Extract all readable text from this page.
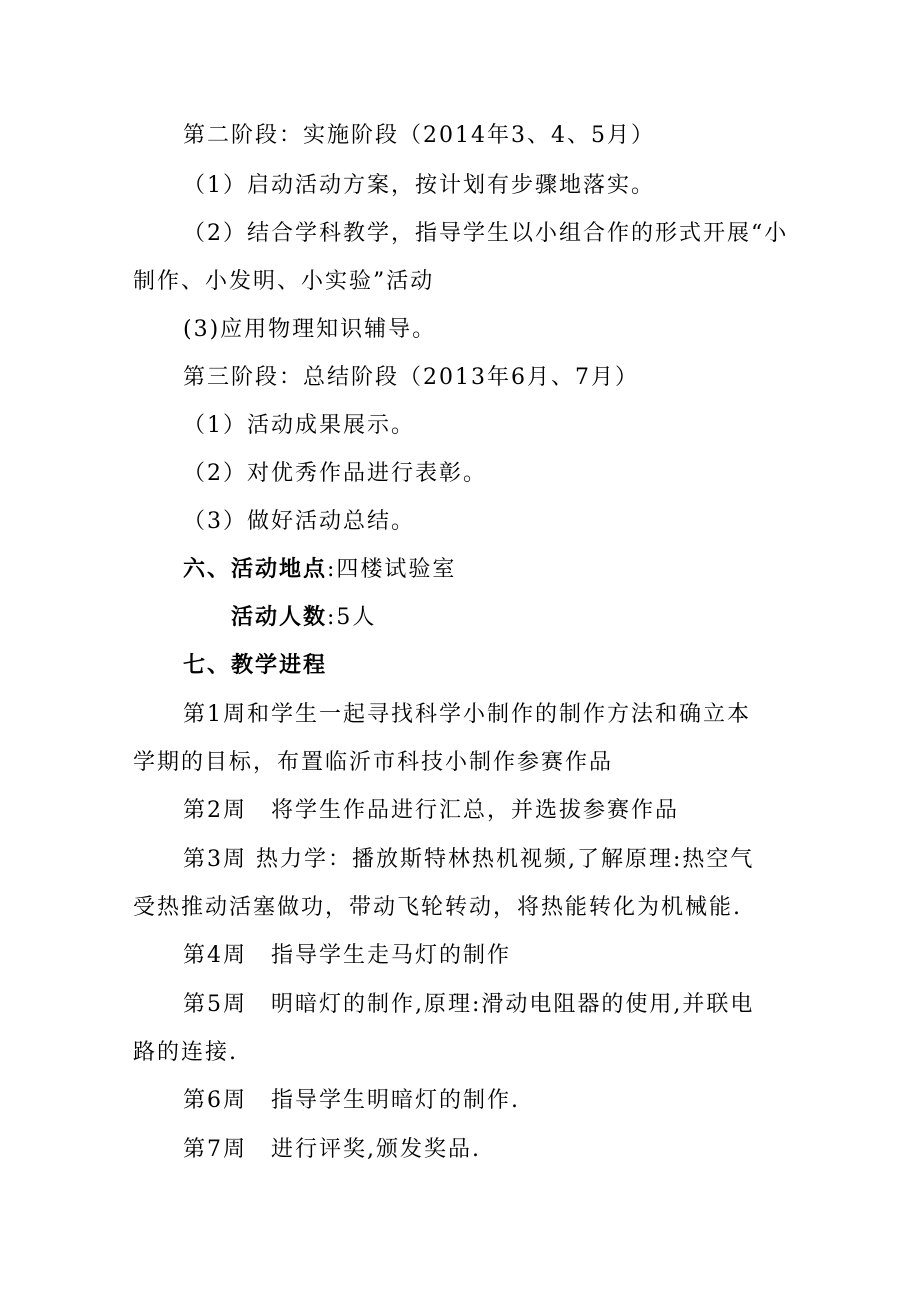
第二阶段：实施阶段（2014年3、4、5月）
（1）启动活动方案，按计划有步骤地落实。
（2）结合学科教学，指导学生以小组合作的形式开展“小
制作、小发明、小实验”活动
(3)应用物理知识辅导。
第三阶段：总结阶段（2013年6月、7月）
（1）活动成果展示。
（2）对优秀作品进行表彰。
（3）做好活动总结。
六、活动地点:四楼试验室
活动人数:5人
七、教学进程
第1周和学生一起寻找科学小制作的制作方法和确立本
学期的目标，布置临沂市科技小制作参赛作品
第2周　将学生作品进行汇总，并选拔参赛作品
第3周 热力学：播放斯特林热机视频,了解原理:热空气
受热推动活塞做功，带动飞轮转动，将热能转化为机械能.
第4周　指导学生走马灯的制作
第5周　明暗灯的制作,原理:滑动电阻器的使用,并联电
路的连接.
第6周　指导学生明暗灯的制作.
第7周　进行评奖,颁发奖品.
